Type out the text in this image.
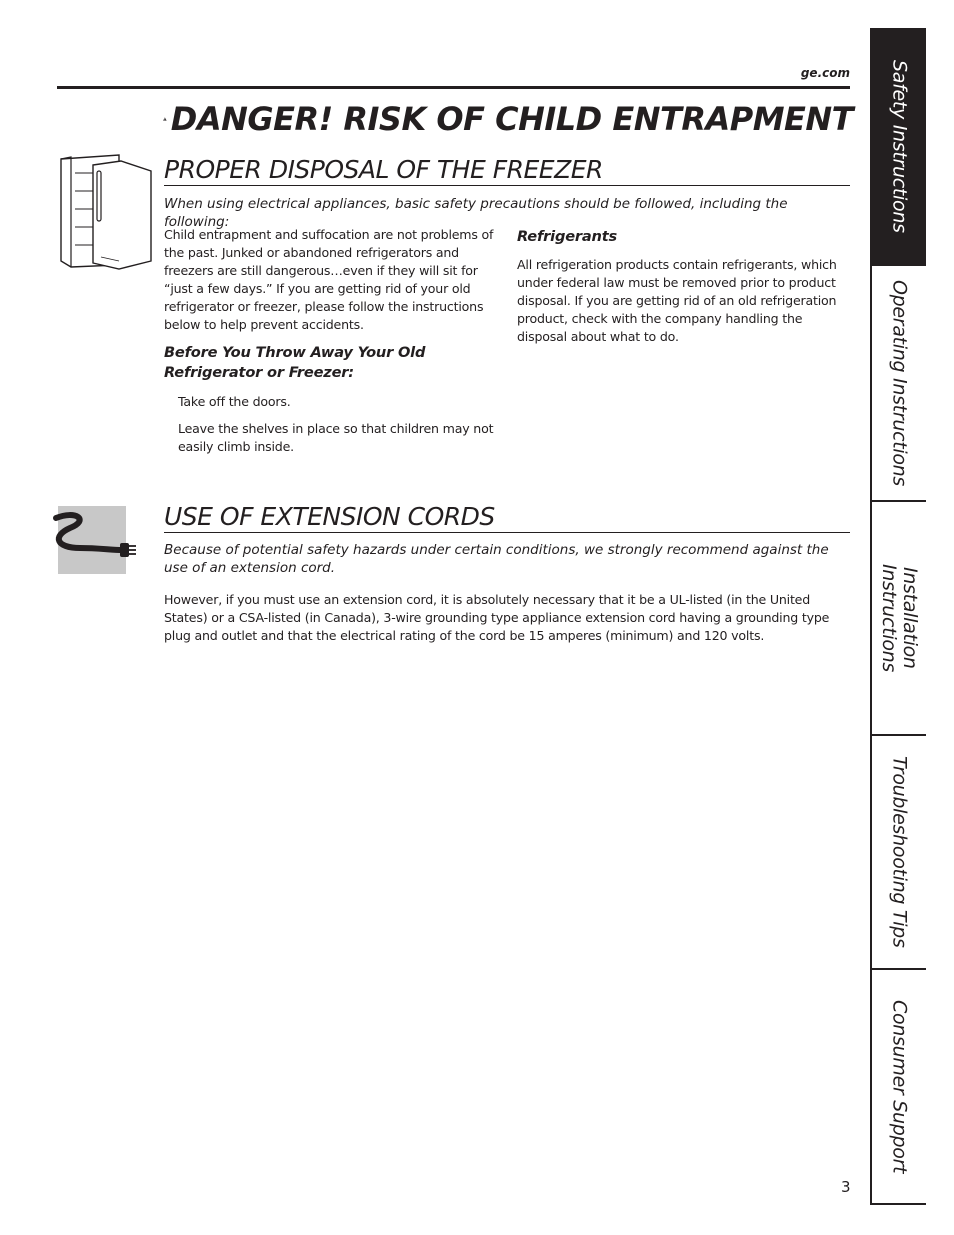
ge.com
DANGER! RISK OF CHILD ENTRAPMENT
PROPER DISPOSAL OF THE FREEZER
When using electrical appliances, basic safety precautions should be followed, including the following:
Child entrapment and suffocation are not problems of the past. Junked or abandoned refrigerators and freezers are still dangerous…even if they will sit for “just a few days.” If you are getting rid of your old refrigerator or freezer, please follow the instructions below to help prevent accidents.
Before You Throw Away Your Old
Refrigerator or Freezer:
Take off the doors.
Leave the shelves in place so that children may not easily climb inside.
Refrigerants
All refrigeration products contain refrigerants, which under federal law must be removed prior to product disposal. If you are getting rid of an old refrigeration product, check with the company handling the disposal about what to do.
USE OF EXTENSION CORDS
Because of potential safety hazards under certain conditions, we strongly recommend against the use of an extension cord.
However, if you must use an extension cord, it is absolutely necessary that it be a UL-listed (in the United States) or a CSA-listed (in Canada), 3-wire grounding type appliance extension cord having a grounding type plug and outlet and that the electrical rating of the cord be 15 amperes (minimum) and 120 volts.
Safety Instructions
Operating Instructions
Installation
Instructions
Troubleshooting Tips
Consumer Support
3
